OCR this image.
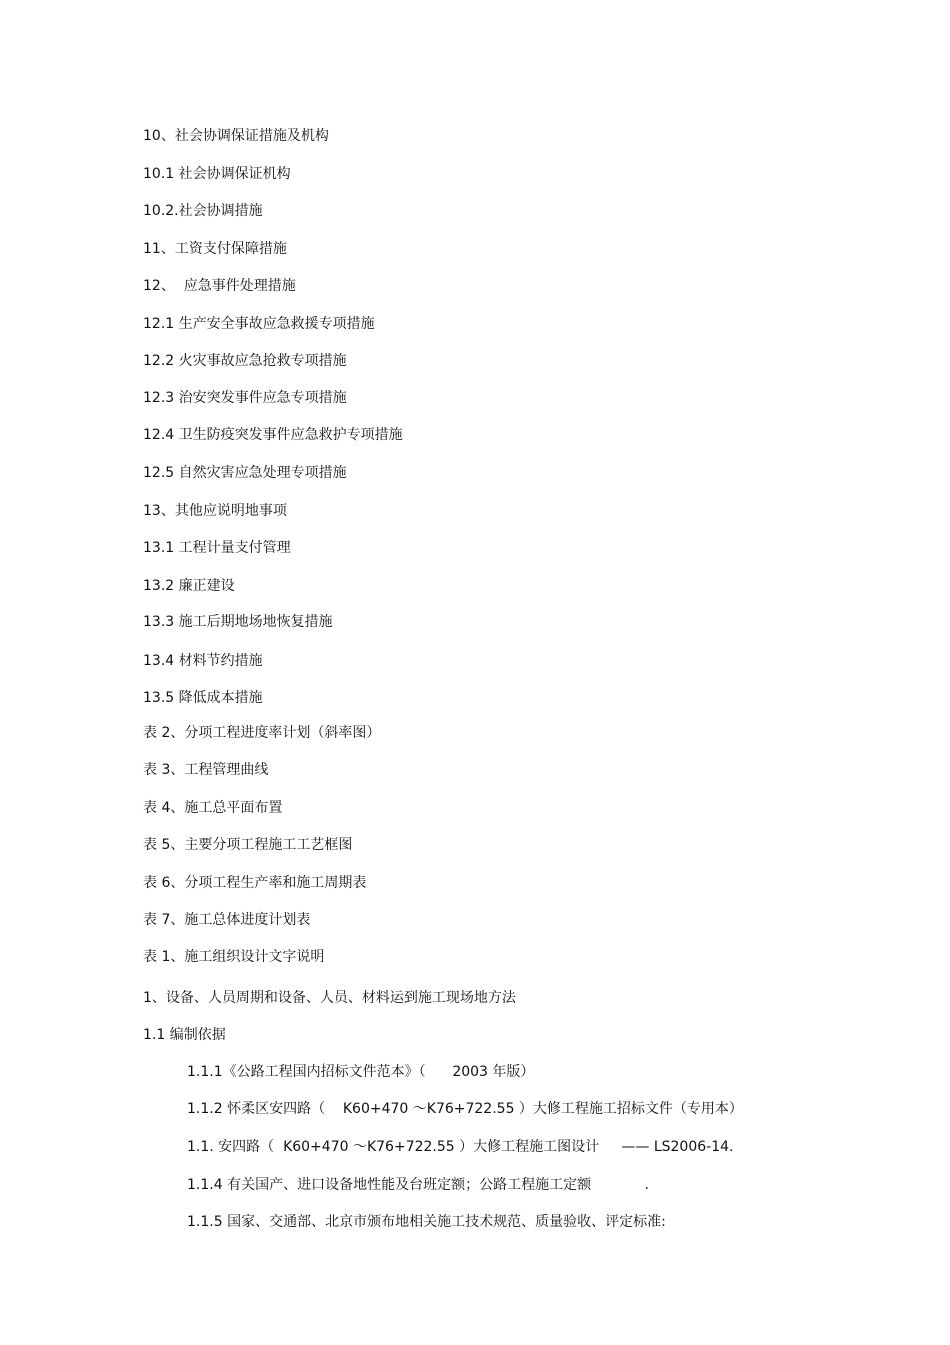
10、社会协调保证措施及机构
10.1 社会协调保证机构
10.2.社会协调措施
11、工资支付保障措施
12、  应急事件处理措施
12.1 生产安全事故应急救援专项措施
12.2 火灾事故应急抢救专项措施
12.3 治安突发事件应急专项措施
12.4 卫生防疫突发事件应急救护专项措施
12.5 自然灾害应急处理专项措施
13、其他应说明地事项
13.1 工程计量支付管理
13.2 廉正建设
13.3 施工后期地场地恢复措施
13.4 材料节约措施
13.5 降低成本措施
表 2、分项工程进度率计划（斜率图）
表 3、工程管理曲线
表 4、施工总平面布置
表 5、主要分项工程施工工艺框图
表 6、分项工程生产率和施工周期表
表 7、施工总体进度计划表
表 1、施工组织设计文字说明
1、设备、人员周期和设备、人员、材料运到施工现场地方法
1.1 编制依据
1.1.1《公路工程国内招标文件范本》（      2003 年版）
1.1.2 怀柔区安四路（    K60+470 ～K76+722.55 ）大修工程施工招标文件（专用本）
1.1. 安四路（  K60+470 ～K76+722.55 ）大修工程施工图设计     —— LS2006-14.
1.1.4 有关国产、进口设备地性能及台班定额；公路工程施工定额            .
1.1.5 国家、交通部、北京市颁布地相关施工技术规范、质量验收、评定标准:
